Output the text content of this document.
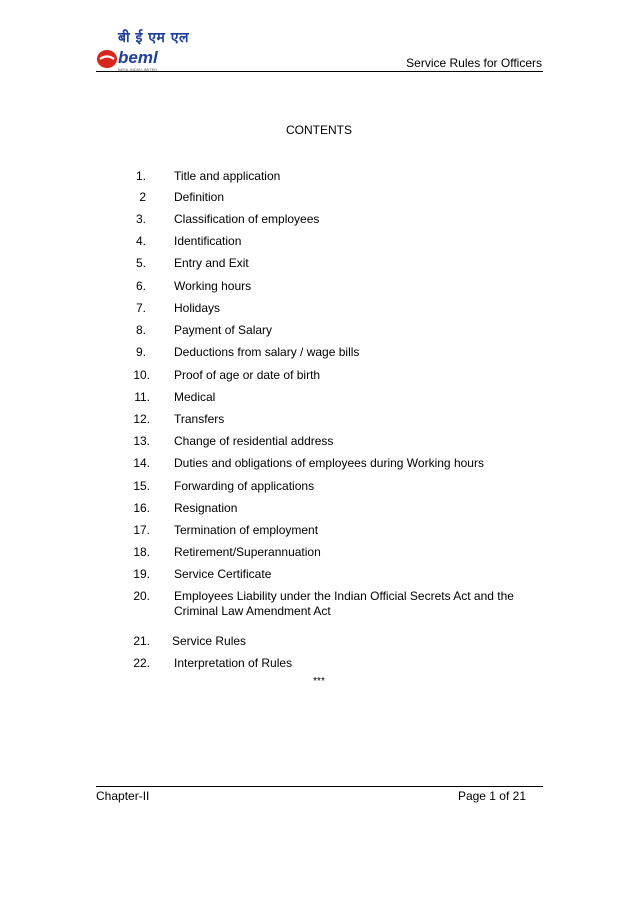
बी ई एम एल
beml
BEML INDIA LIMITED	Service Rules for Officers
CONTENTS
1. Title and application
2 Definition
3. Classification of employees
4. Identification
5. Entry and Exit
6. Working hours
7. Holidays
8. Payment of Salary
9. Deductions from salary / wage bills
10. Proof of age or date of birth
11. Medical
12. Transfers
13. Change of residential address
14. Duties and obligations of employees during Working hours
15. Forwarding of applications
16. Resignation
17. Termination of employment
18. Retirement/Superannuation
19. Service Certificate
20. Employees Liability under the Indian Official Secrets Act and the Criminal Law Amendment Act
21. Service Rules
22. Interpretation of Rules
***
Chapter-II	Page 1 of 21
